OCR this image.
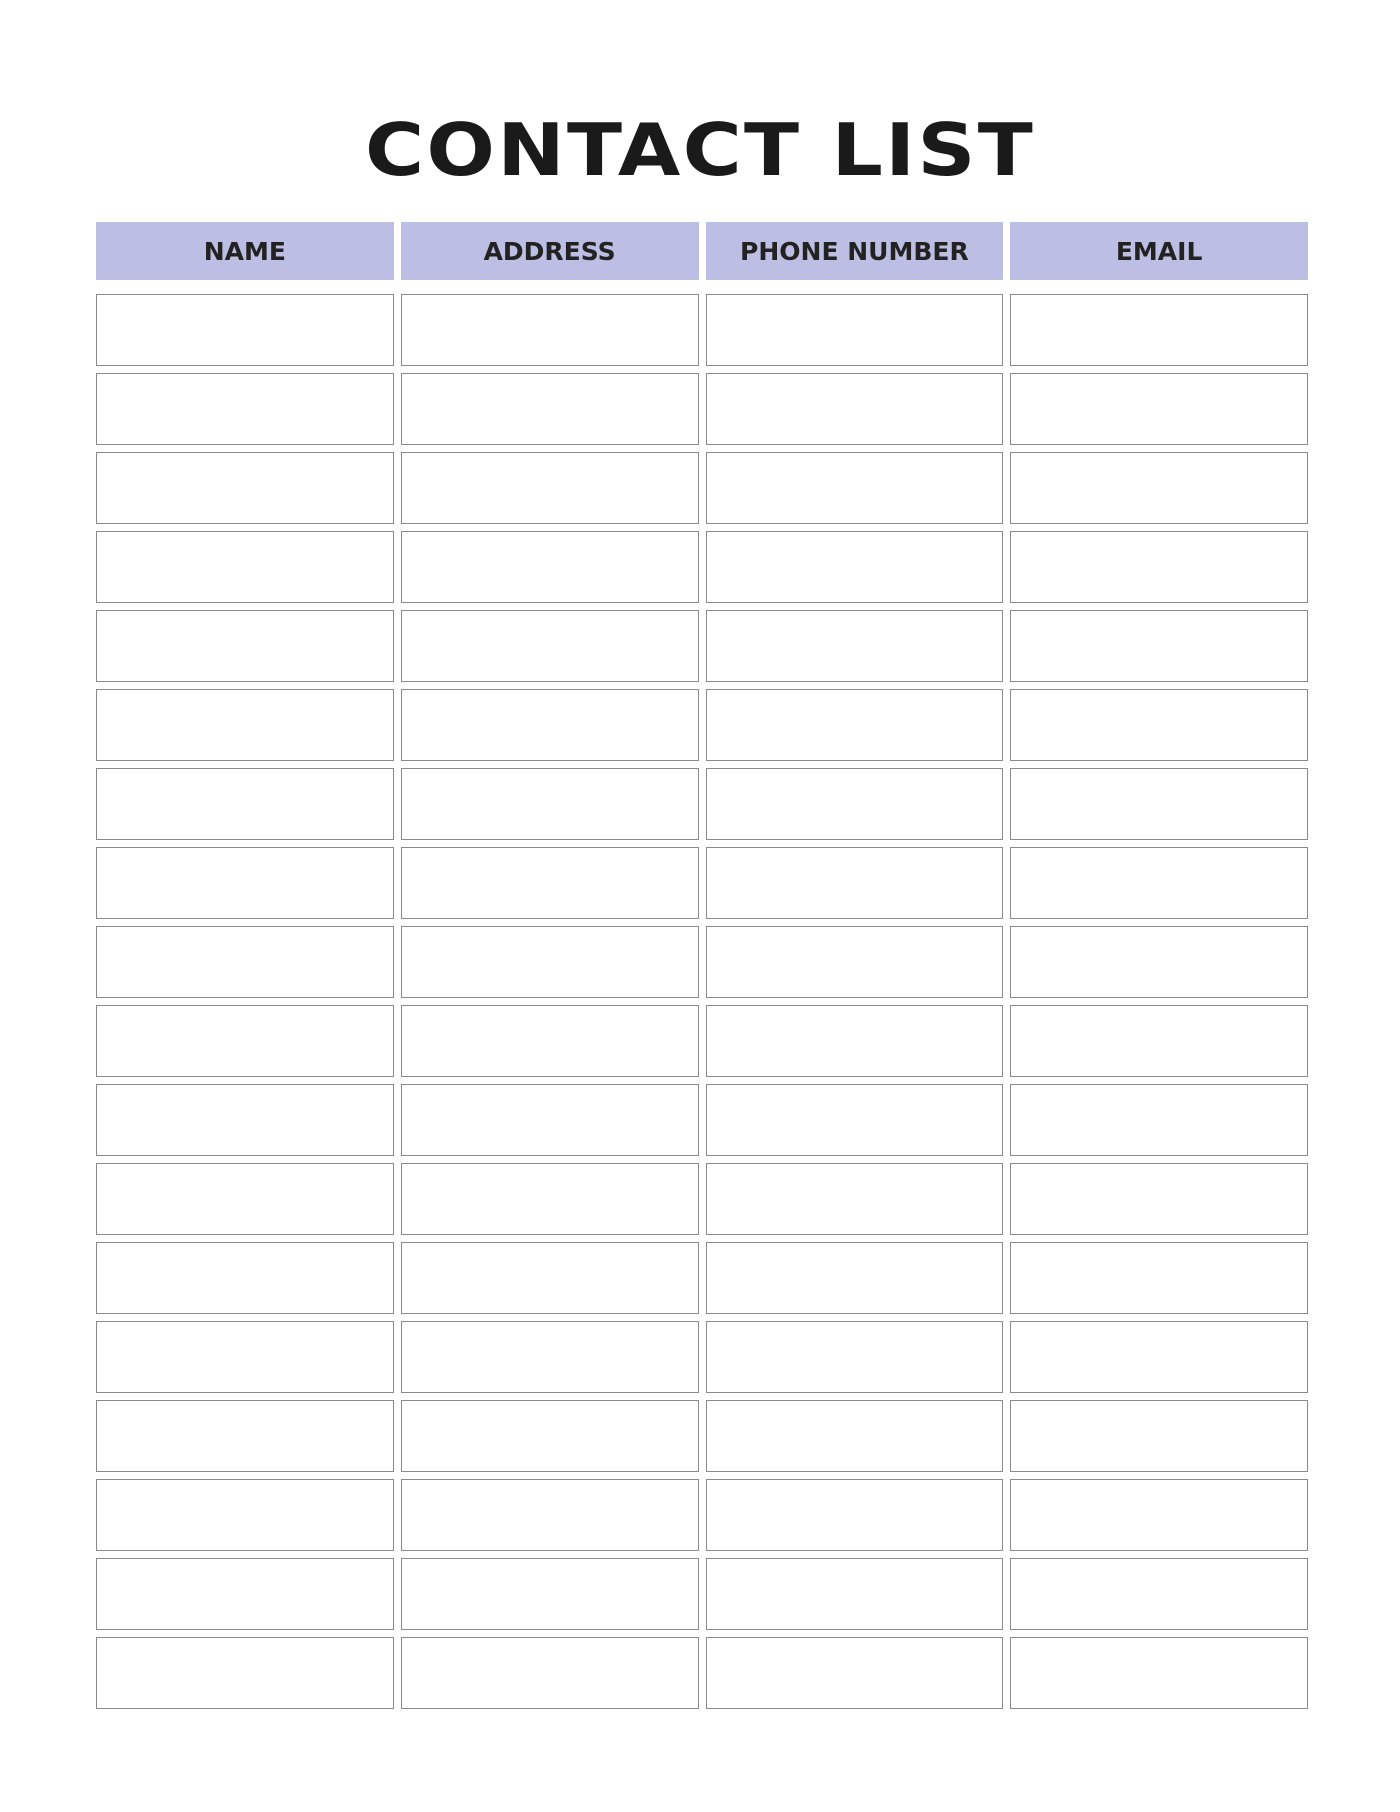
CONTACT LIST
NAME	ADDRESS	PHONE NUMBER	EMAIL
